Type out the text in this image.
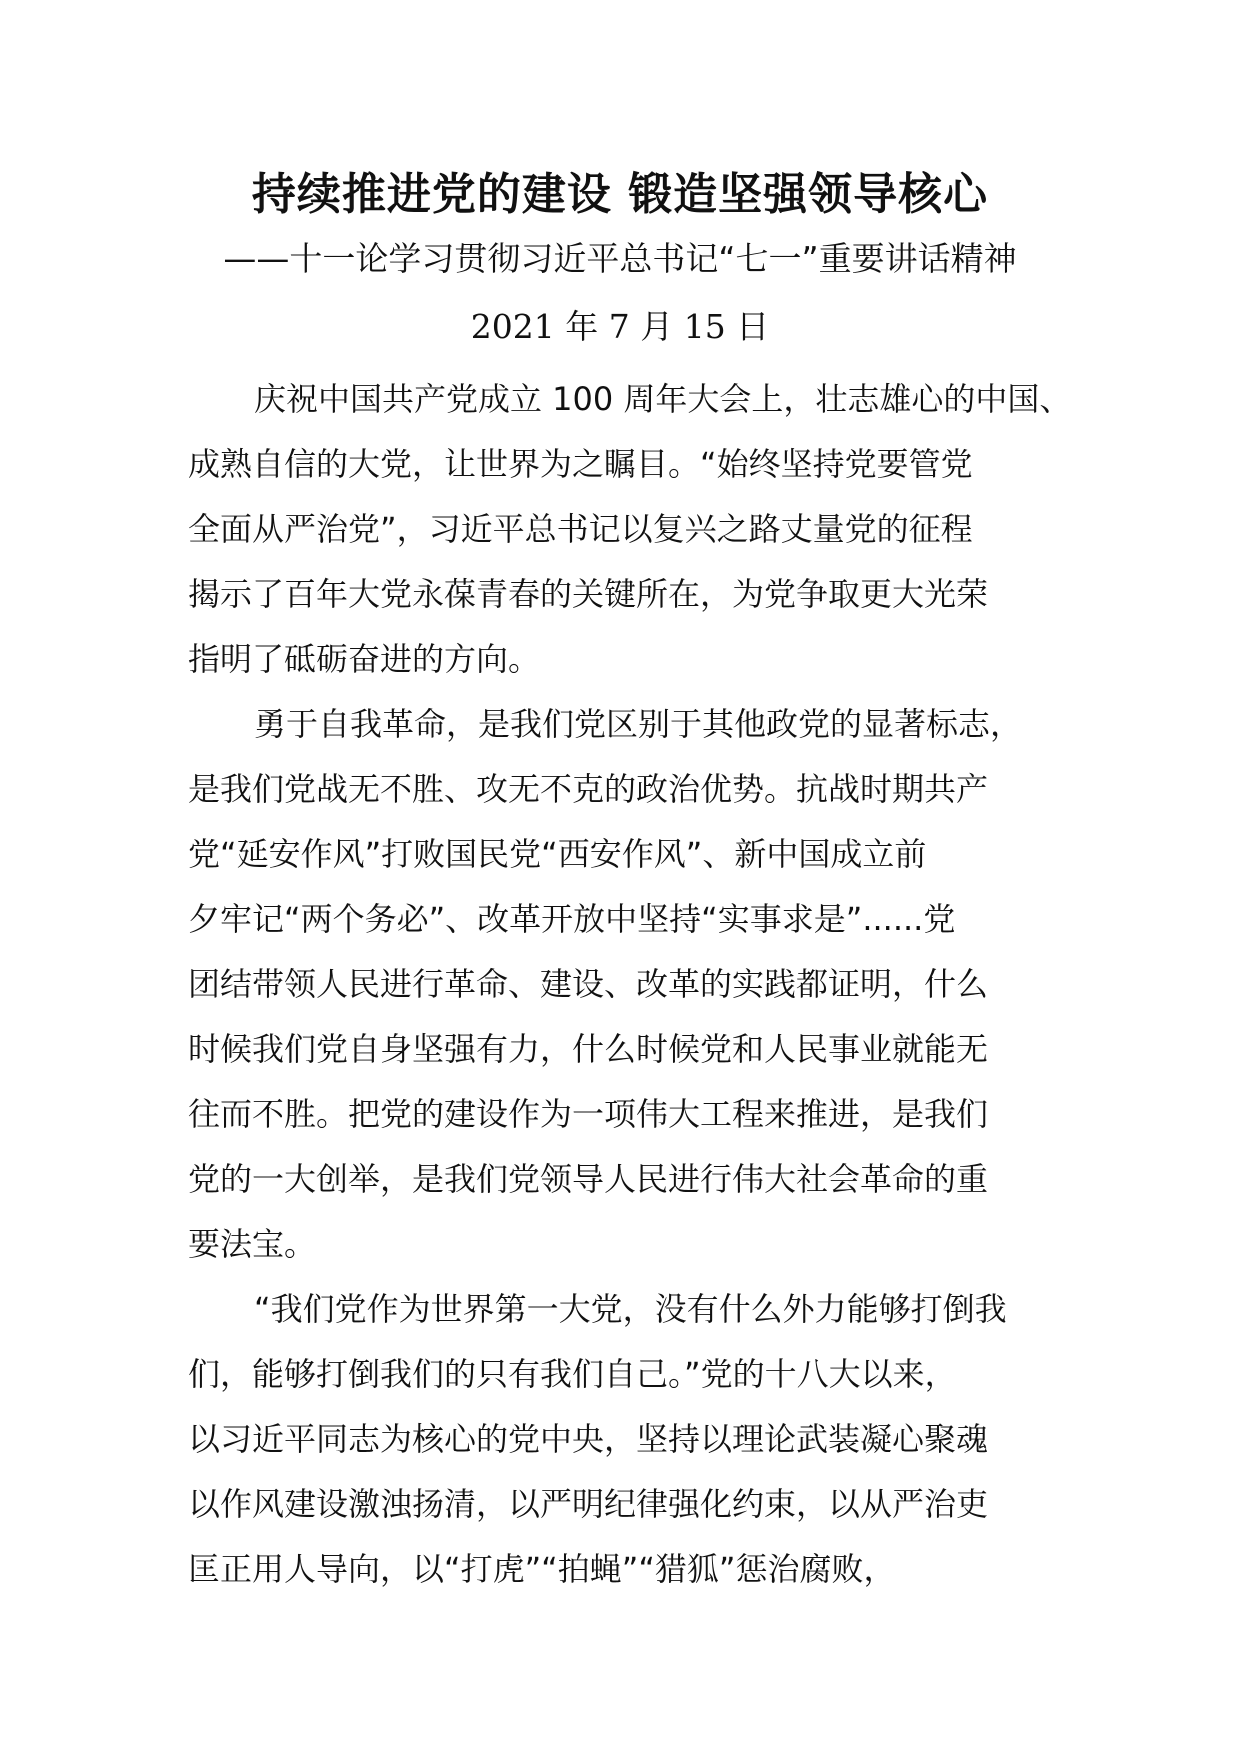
持续推进党的建设 锻造坚强领导核心
——十一论学习贯彻习近平总书记“七一”重要讲话精神
2021 年 7 月 15 日
庆祝中国共产党成立 100 周年大会上，壮志雄心的中国、
成熟自信的大党，让世界为之瞩目。“始终坚持党要管党
全面从严治党”，习近平总书记以复兴之路丈量党的征程
揭示了百年大党永葆青春的关键所在，为党争取更大光荣
指明了砥砺奋进的方向。
勇于自我革命，是我们党区别于其他政党的显著标志，
是我们党战无不胜、攻无不克的政治优势。抗战时期共产
党“延安作风”打败国民党“西安作风”、新中国成立前
夕牢记“两个务必”、改革开放中坚持“实事求是”......党
团结带领人民进行革命、建设、改革的实践都证明，什么
时候我们党自身坚强有力，什么时候党和人民事业就能无
往而不胜。把党的建设作为一项伟大工程来推进，是我们
党的一大创举，是我们党领导人民进行伟大社会革命的重
要法宝。
“我们党作为世界第一大党，没有什么外力能够打倒我
们，能够打倒我们的只有我们自己。”党的十八大以来，
以习近平同志为核心的党中央，坚持以理论武装凝心聚魂
以作风建设激浊扬清，以严明纪律强化约束，以从严治吏
匡正用人导向，以“打虎”“拍蝇”“猎狐”惩治腐败，
